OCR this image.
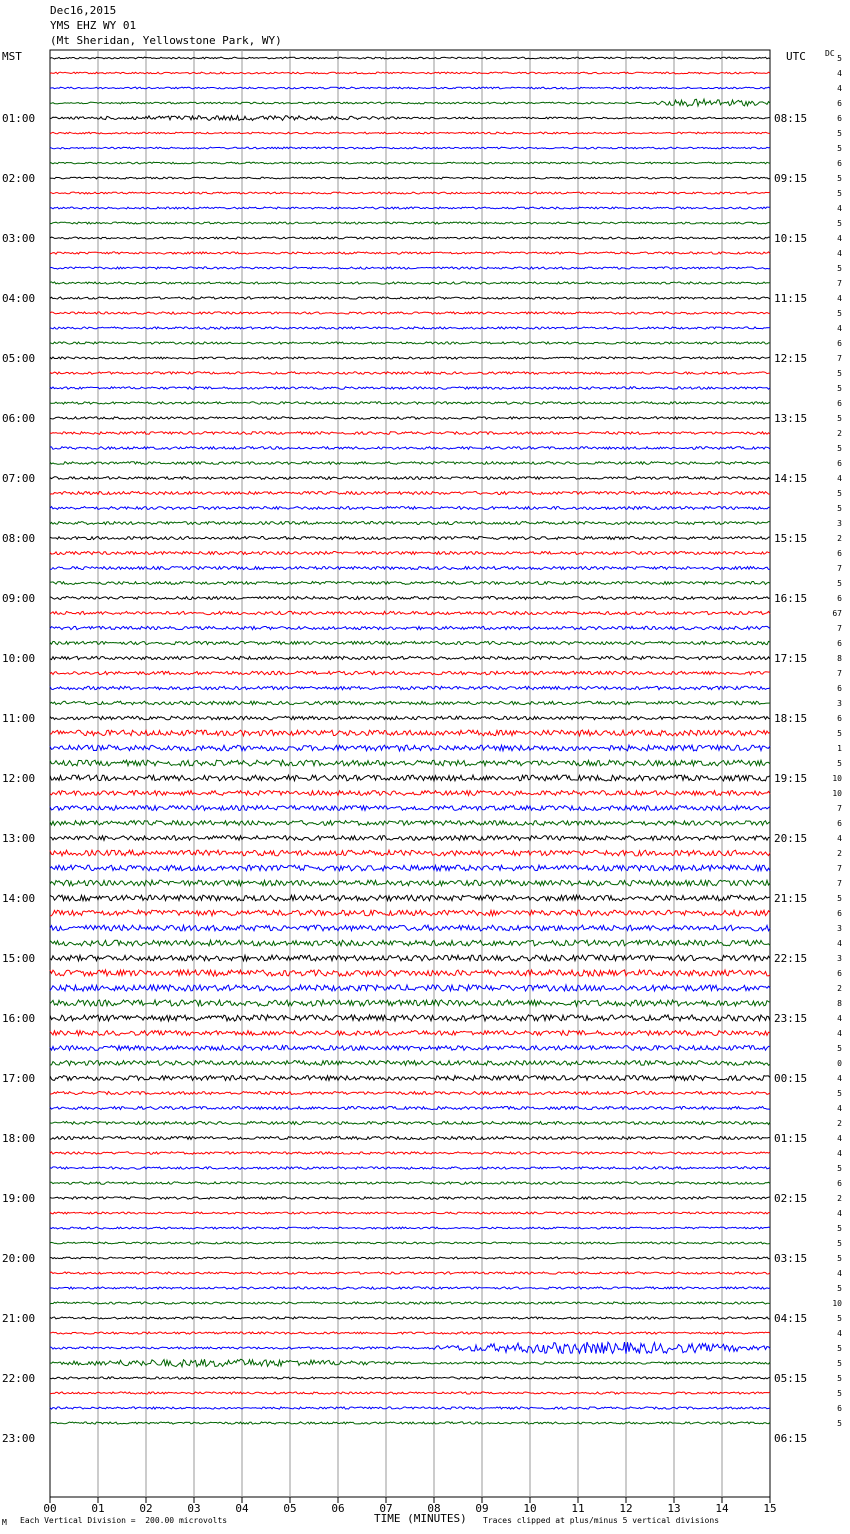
Dec16,2015
YMS EHZ WY 01
(Mt Sheridan, Yellowstone Park, WY)
MST	UTC DC
00	01	02	03	04	05	06	07	08	09	10	11	12	13	14	15
01:00	08:15
02:00	09:15
03:00	10:15
04:00	11:15
05:00	12:15
06:00	13:15
07:00	14:15
08:00	15:15
09:00	16:15
10:00	17:15
11:00	18:15
12:00	19:15
13:00	20:15
14:00	21:15
15:00	22:15
16:00	23:15
17:00	00:15
18:00	01:15
19:00	02:15
20:00	03:15
21:00	04:15
22:00	05:15
23:00	06:15
5
4
4
6
6
5
5
6
5
5
4
5
4
4
5
7
4
5
4
6
7
5
5
6
5
2
5
6
4
5
5
3
2
6
7
5
6
67
7
6
8
7
6
3
6
5
1
5
10
10
7
6
4
2
7
7
5
6
3
4
3
6
2
8
4
4
5
0
4
5
4
2
4
4
5
6
2
4
5
5
5
4
5
10
5
4
5
5
5
5
6
5
M Each Vertical Division =  200.00 microvolts	TIME (MINUTES) Traces clipped at plus/minus 5 vertical divisions
